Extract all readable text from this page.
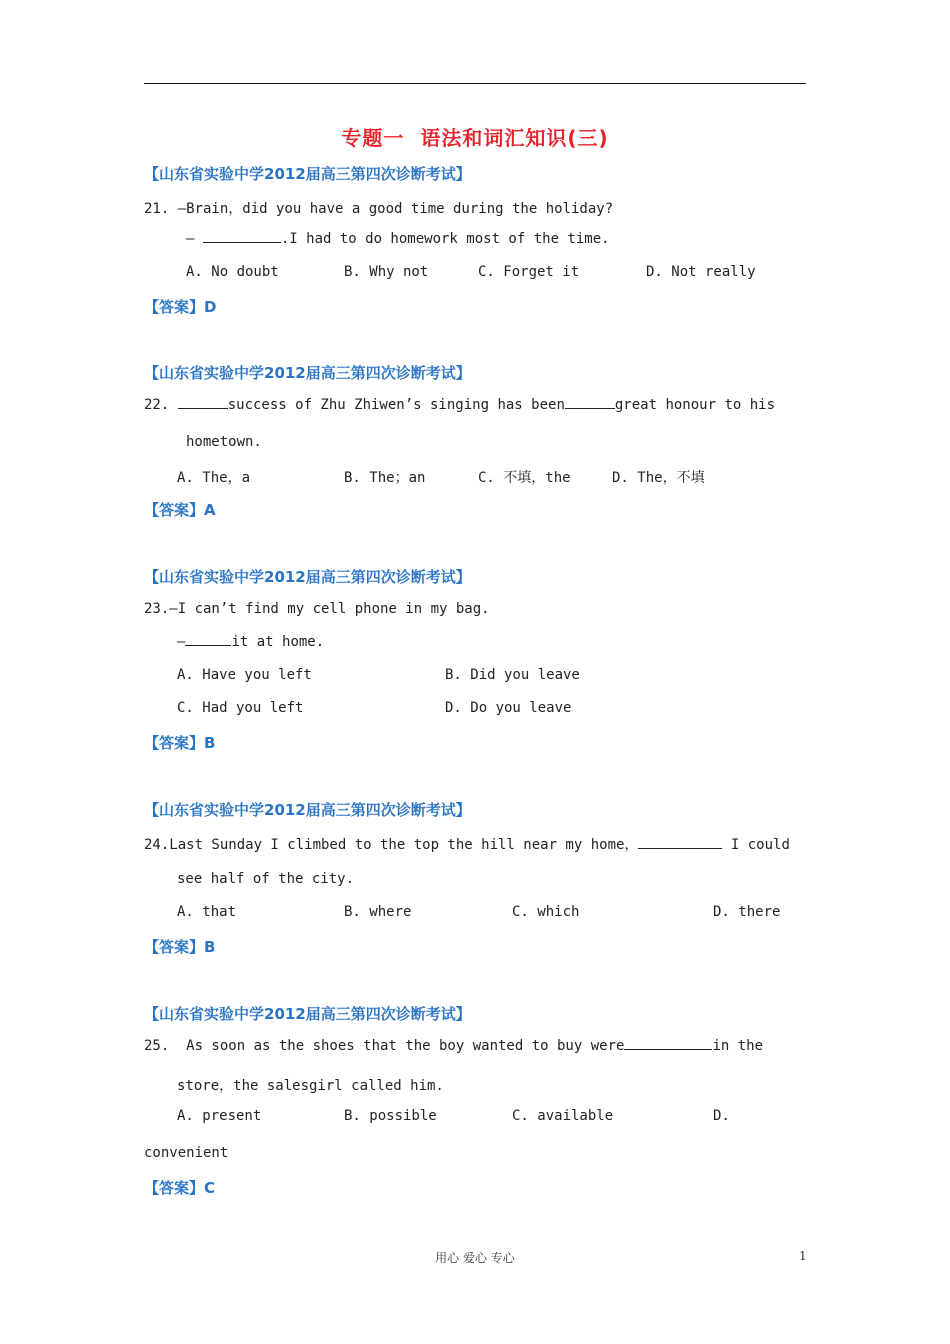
专题一  语法和词汇知识(三)
【山东省实验中学2012届高三第四次诊断考试】
21. —Brain，did you have a good time during the holiday?
—	.I had to do homework most of the time.
A. No doubt	B. Why not	C. Forget it	D. Not really
【答案】D
【山东省实验中学2012届高三第四次诊断考试】
22.	success of Zhu Zhiwen’s singing has been	great honour to his
hometown.
A. The，a	B. The；an	C. 不填，the	D. The，不填
【答案】A
【山东省实验中学2012届高三第四次诊断考试】
23.—I can’t find my cell phone in my bag.
—	it at home.
A. Have you left	B. Did you leave
C. Had you left	D. Do you leave
【答案】B
【山东省实验中学2012届高三第四次诊断考试】
24.Last Sunday I climbed to the top the hill near my home，	I could
see half of the city.
A. that	B. where	C. which	D. there
【答案】B
【山东省实验中学2012届高三第四次诊断考试】
25.  As soon as the shoes that the boy wanted to buy were	in the
store，the salesgirl called him.
A. present	B. possible	C. available	D.
convenient
【答案】C
用心 爱心 专心	1
